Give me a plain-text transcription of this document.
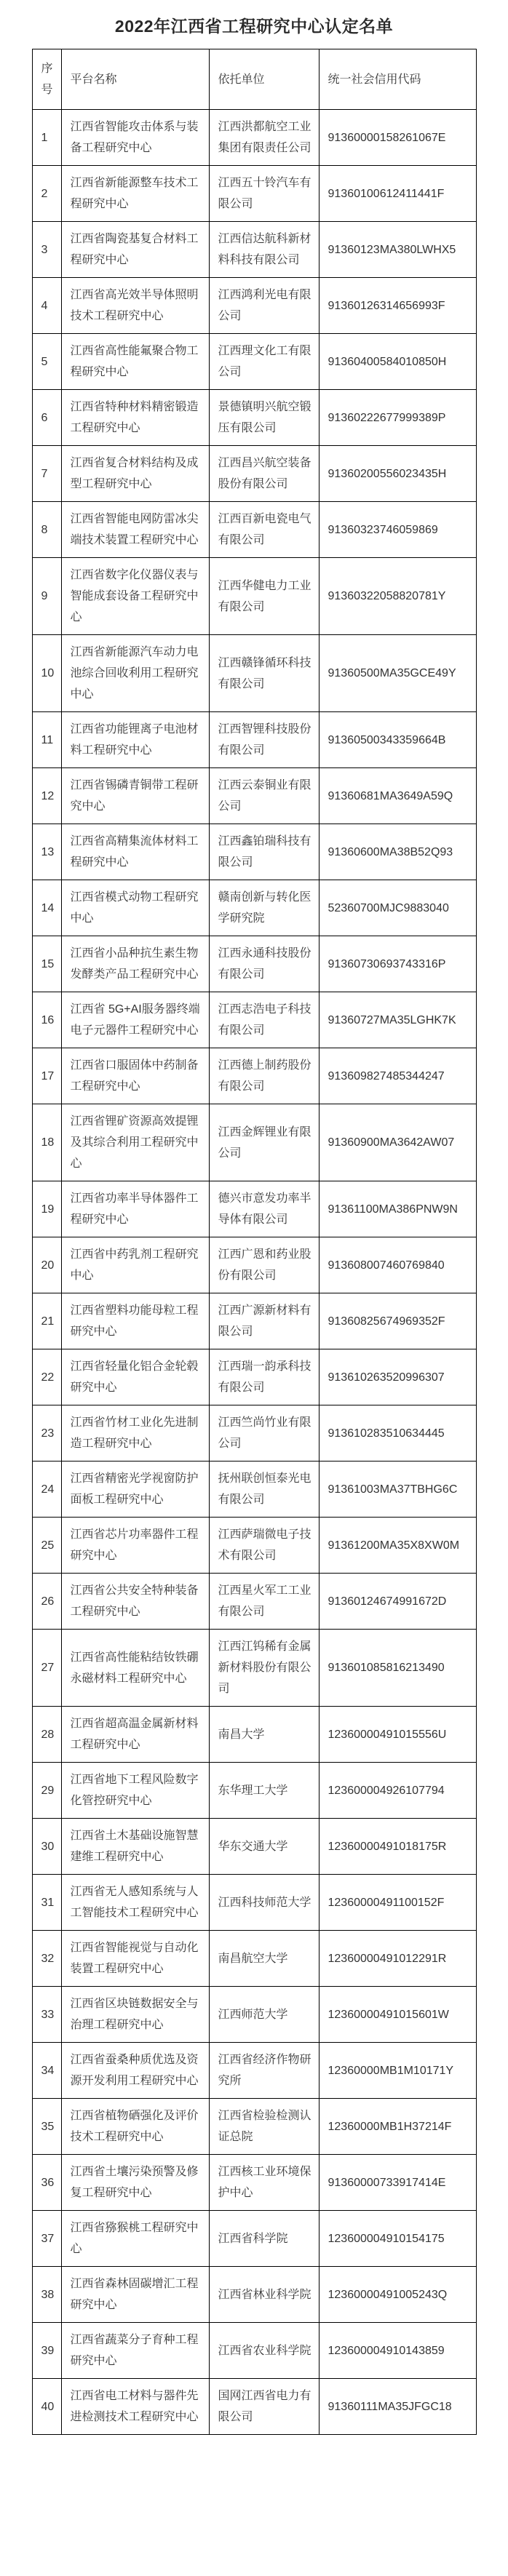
2022年江西省工程研究中心认定名单
序号	平台名称	依托单位	统一社会信用代码
1	江西省智能攻击体系与装备工程研究中心	江西洪都航空工业集团有限责任公司	91360000158261067E
2	江西省新能源整车技术工程研究中心	江西五十铃汽车有限公司	91360100612411441F
3	江西省陶瓷基复合材料工程研究中心	江西信达航科新材料科技有限公司	91360123MA380LWHX5
4	江西省高光效半导体照明技术工程研究中心	江西鸿利光电有限公司	91360126314656993F
5	江西省高性能氟聚合物工程研究中心	江西理文化工有限公司	91360400584010850H
6	江西省特种材料精密锻造工程研究中心	景德镇明兴航空锻压有限公司	91360222677999389P
7	江西省复合材料结构及成型工程研究中心	江西昌兴航空装备股份有限公司	91360200556023435H
8	江西省智能电网防雷冰尖端技术装置工程研究中心	江西百新电瓷电气有限公司	91360323746059869
9	江西省数字化仪器仪表与智能成套设备工程研究中心	江西华健电力工业有限公司	91360322058820781Y
10	江西省新能源汽车动力电池综合回收利用工程研究中心	江西赣锋循环科技有限公司	91360500MA35GCE49Y
11	江西省功能锂离子电池材料工程研究中心	江西智锂科技股份有限公司	91360500343359664B
12	江西省锡磷青铜带工程研究中心	江西云泰铜业有限公司	91360681MA3649A59Q
13	江西省高精集流体材料工程研究中心	江西鑫铂瑞科技有限公司	91360600MA38B52Q93
14	江西省模式动物工程研究中心	赣南创新与转化医学研究院	52360700MJC9883040
15	江西省小品种抗生素生物发酵类产品工程研究中心	江西永通科技股份有限公司	91360730693743316P
16	江西省 5G+AI服务器终端电子元器件工程研究中心	江西志浩电子科技有限公司	91360727MA35LGHK7K
17	江西省口服固体中药制备工程研究中心	江西德上制药股份有限公司	913609827485344247
18	江西省锂矿资源高效提锂及其综合利用工程研究中心	江西金辉锂业有限公司	91360900MA3642AW07
19	江西省功率半导体器件工程研究中心	德兴市意发功率半导体有限公司	91361100MA386PNW9N
20	江西省中药乳剂工程研究中心	江西广恩和药业股份有限公司	913608007460769840
21	江西省塑料功能母粒工程研究中心	江西广源新材料有限公司	91360825674969352F
22	江西省轻量化铝合金轮毂研究中心	江西瑞一韵承科技有限公司	913610263520996307
23	江西省竹材工业化先进制造工程研究中心	江西竺尚竹业有限公司	913610283510634445
24	江西省精密光学视窗防护面板工程研究中心	抚州联创恒泰光电有限公司	91361003MA37TBHG6C
25	江西省芯片功率器件工程研究中心	江西萨瑞微电子技术有限公司	91361200MA35X8XW0M
26	江西省公共安全特种装备工程研究中心	江西星火军工工业有限公司	91360124674991672D
27	江西省高性能粘结钕铁硼永磁材料工程研究中心	江西江钨稀有金属新材料股份有限公司	913601085816213490
28	江西省超高温金属新材料工程研究中心	南昌大学	12360000491015556U
29	江西省地下工程风险数字化管控研究中心	东华理工大学	123600004926107794
30	江西省土木基础设施智慧建维工程研究中心	华东交通大学	12360000491018175R
31	江西省无人感知系统与人工智能技术工程研究中心	江西科技师范大学	12360000491100152F
32	江西省智能视觉与自动化装置工程研究中心	南昌航空大学	12360000491012291R
33	江西省区块链数据安全与治理工程研究中心	江西师范大学	12360000491015601W
34	江西省蚕桑种质优选及资源开发利用工程研究中心	江西省经济作物研究所	12360000MB1M10171Y
35	江西省植物硒强化及评价技术工程研究中心	江西省检验检测认证总院	12360000MB1H37214F
36	江西省土壤污染预警及修复工程研究中心	江西核工业环境保护中心	91360000733917414E
37	江西省猕猴桃工程研究中心	江西省科学院	123600004910154175
38	江西省森林固碳增汇工程研究中心	江西省林业科学院	12360000491005243Q
39	江西省蔬菜分子育种工程研究中心	江西省农业科学院	123600004910143859
40	江西省电工材料与器件先进检测技术工程研究中心	国网江西省电力有限公司	91360111MA35JFGC18
